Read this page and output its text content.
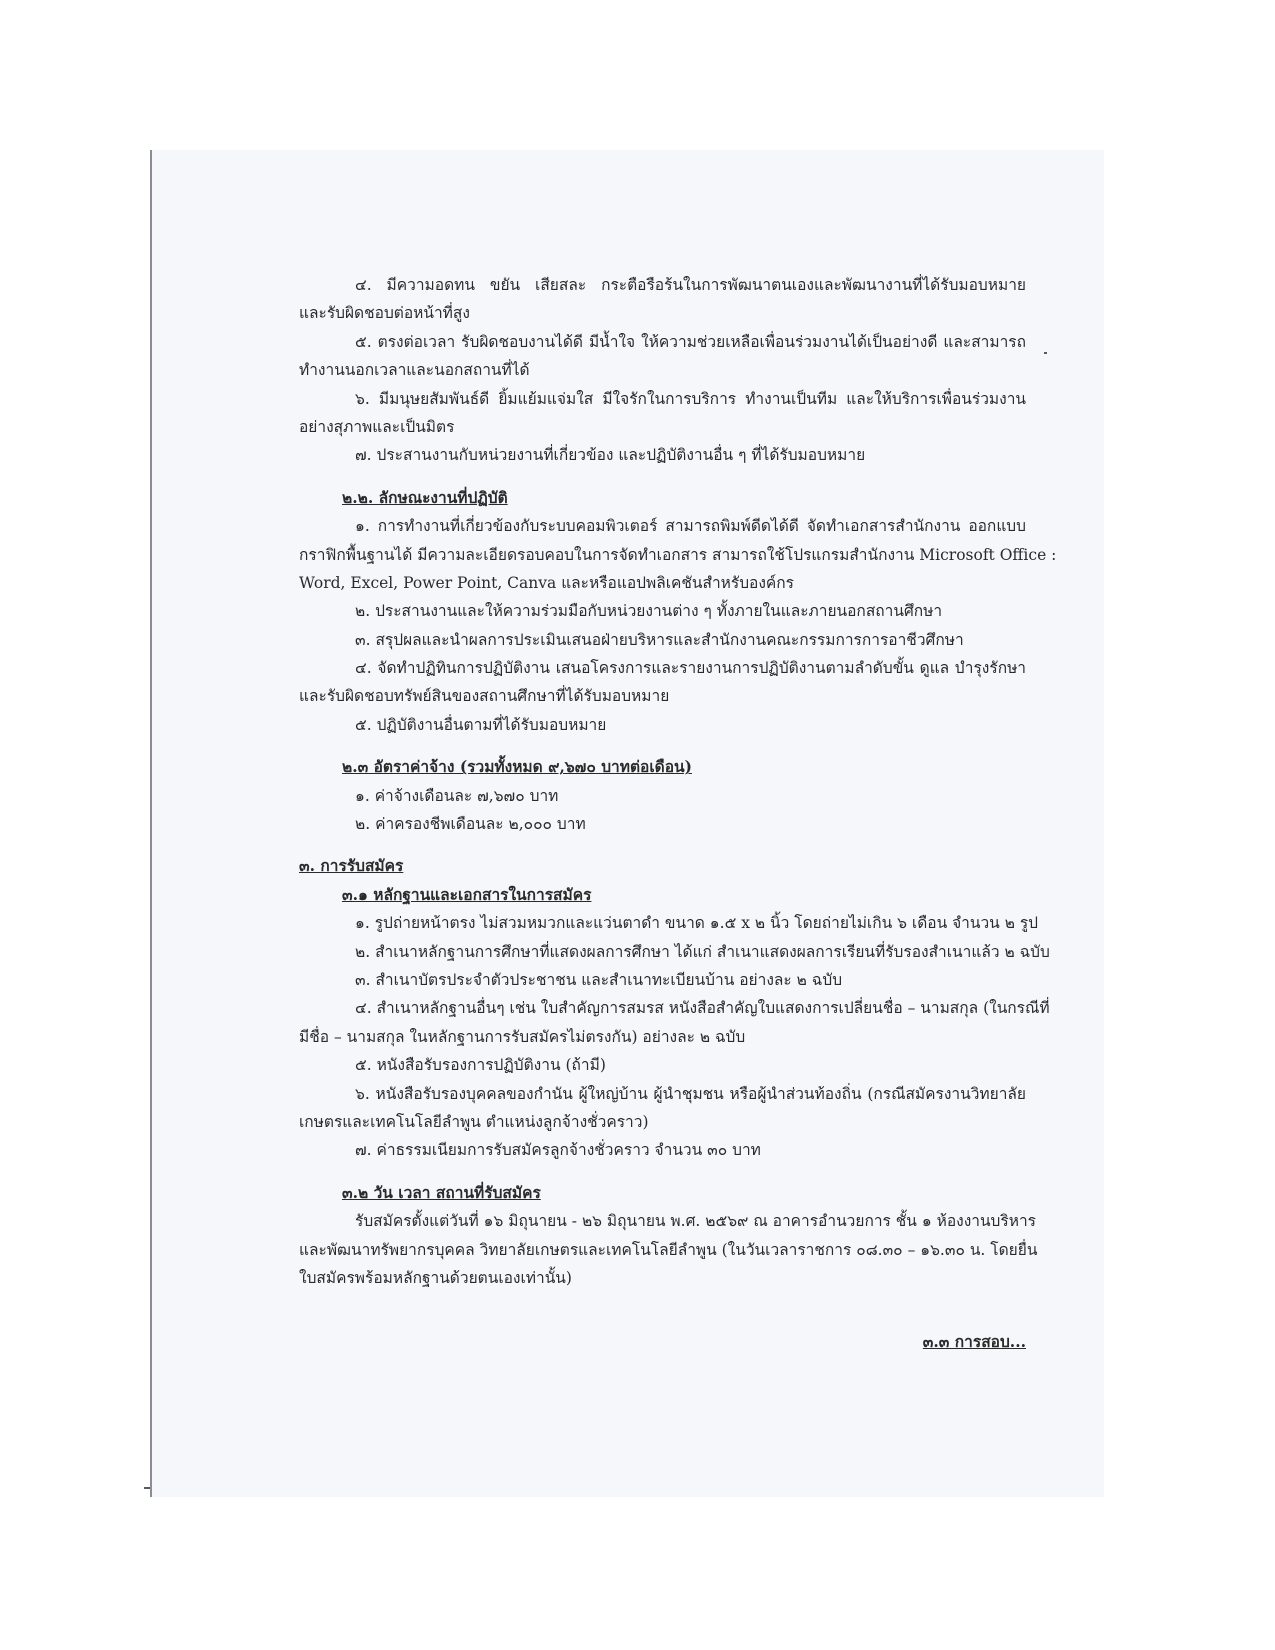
๔. มีความอดทน ขยัน เสียสละ กระตือรือร้นในการพัฒนาตนเองและพัฒนางานที่ได้รับมอบหมาย
และรับผิดชอบต่อหน้าที่สูง
๕. ตรงต่อเวลา รับผิดชอบงานได้ดี มีน้ำใจ ให้ความช่วยเหลือเพื่อนร่วมงานได้เป็นอย่างดี และสามารถ
ทำงานนอกเวลาและนอกสถานที่ได้
๖. มีมนุษยสัมพันธ์ดี ยิ้มแย้มแจ่มใส มีใจรักในการบริการ ทำงานเป็นทีม และให้บริการเพื่อนร่วมงาน
อย่างสุภาพและเป็นมิตร
๗. ประสานงานกับหน่วยงานที่เกี่ยวข้อง และปฏิบัติงานอื่น ๆ ที่ได้รับมอบหมาย
๒.๒. ลักษณะงานที่ปฏิบัติ
๑. การทำงานที่เกี่ยวข้องกับระบบคอมพิวเตอร์ สามารถพิมพ์ดีดได้ดี จัดทำเอกสารสำนักงาน ออกแบบ
กราฟิกพื้นฐานได้ มีความละเอียดรอบคอบในการจัดทำเอกสาร สามารถใช้โปรแกรมสำนักงาน Microsoft Office :
Word, Excel, Power Point, Canva และหรือแอปพลิเคชันสำหรับองค์กร
๒. ประสานงานและให้ความร่วมมือกับหน่วยงานต่าง ๆ ทั้งภายในและภายนอกสถานศึกษา
๓. สรุปผลและนำผลการประเมินเสนอฝ่ายบริหารและสำนักงานคณะกรรมการการอาชีวศึกษา
๔. จัดทำปฏิทินการปฏิบัติงาน เสนอโครงการและรายงานการปฏิบัติงานตามลำดับขั้น ดูแล บำรุงรักษา
และรับผิดชอบทรัพย์สินของสถานศึกษาที่ได้รับมอบหมาย
๕. ปฏิบัติงานอื่นตามที่ได้รับมอบหมาย
๒.๓ อัตราค่าจ้าง (รวมทั้งหมด ๙,๖๗๐ บาทต่อเดือน)
๑. ค่าจ้างเดือนละ ๗,๖๗๐ บาท
๒. ค่าครองชีพเดือนละ ๒,๐๐๐ บาท
๓. การรับสมัคร
๓.๑ หลักฐานและเอกสารในการสมัคร
๑. รูปถ่ายหน้าตรง ไม่สวมหมวกและแว่นตาดำ ขนาด ๑.๕ x ๒ นิ้ว โดยถ่ายไม่เกิน ๖ เดือน จำนวน ๒ รูป
๒. สำเนาหลักฐานการศึกษาที่แสดงผลการศึกษา ได้แก่ สำเนาแสดงผลการเรียนที่รับรองสำเนาแล้ว ๒ ฉบับ
๓. สำเนาบัตรประจำตัวประชาชน และสำเนาทะเบียนบ้าน อย่างละ ๒ ฉบับ
๔. สำเนาหลักฐานอื่นๆ เช่น ใบสำคัญการสมรส หนังสือสำคัญใบแสดงการเปลี่ยนชื่อ – นามสกุล (ในกรณีที่
มีชื่อ – นามสกุล ในหลักฐานการรับสมัครไม่ตรงกัน) อย่างละ ๒ ฉบับ
๕. หนังสือรับรองการปฏิบัติงาน (ถ้ามี)
๖. หนังสือรับรองบุคคลของกำนัน ผู้ใหญ่บ้าน ผู้นำชุมชน หรือผู้นำส่วนท้องถิ่น (กรณีสมัครงานวิทยาลัย
เกษตรและเทคโนโลยีลำพูน ตำแหน่งลูกจ้างชั่วคราว)
๗. ค่าธรรมเนียมการรับสมัครลูกจ้างชั่วคราว จำนวน ๓๐ บาท
๓.๒ วัน เวลา สถานที่รับสมัคร
รับสมัครตั้งแต่วันที่ ๑๖ มิถุนายน - ๒๖ มิถุนายน พ.ศ. ๒๕๖๙ ณ อาคารอำนวยการ ชั้น ๑ ห้องงานบริหาร
และพัฒนาทรัพยากรบุคคล วิทยาลัยเกษตรและเทคโนโลยีลำพูน (ในวันเวลาราชการ ๐๘.๓๐ – ๑๖.๓๐ น. โดยยื่น
ใบสมัครพร้อมหลักฐานด้วยตนเองเท่านั้น)
๓.๓ การสอบ...
